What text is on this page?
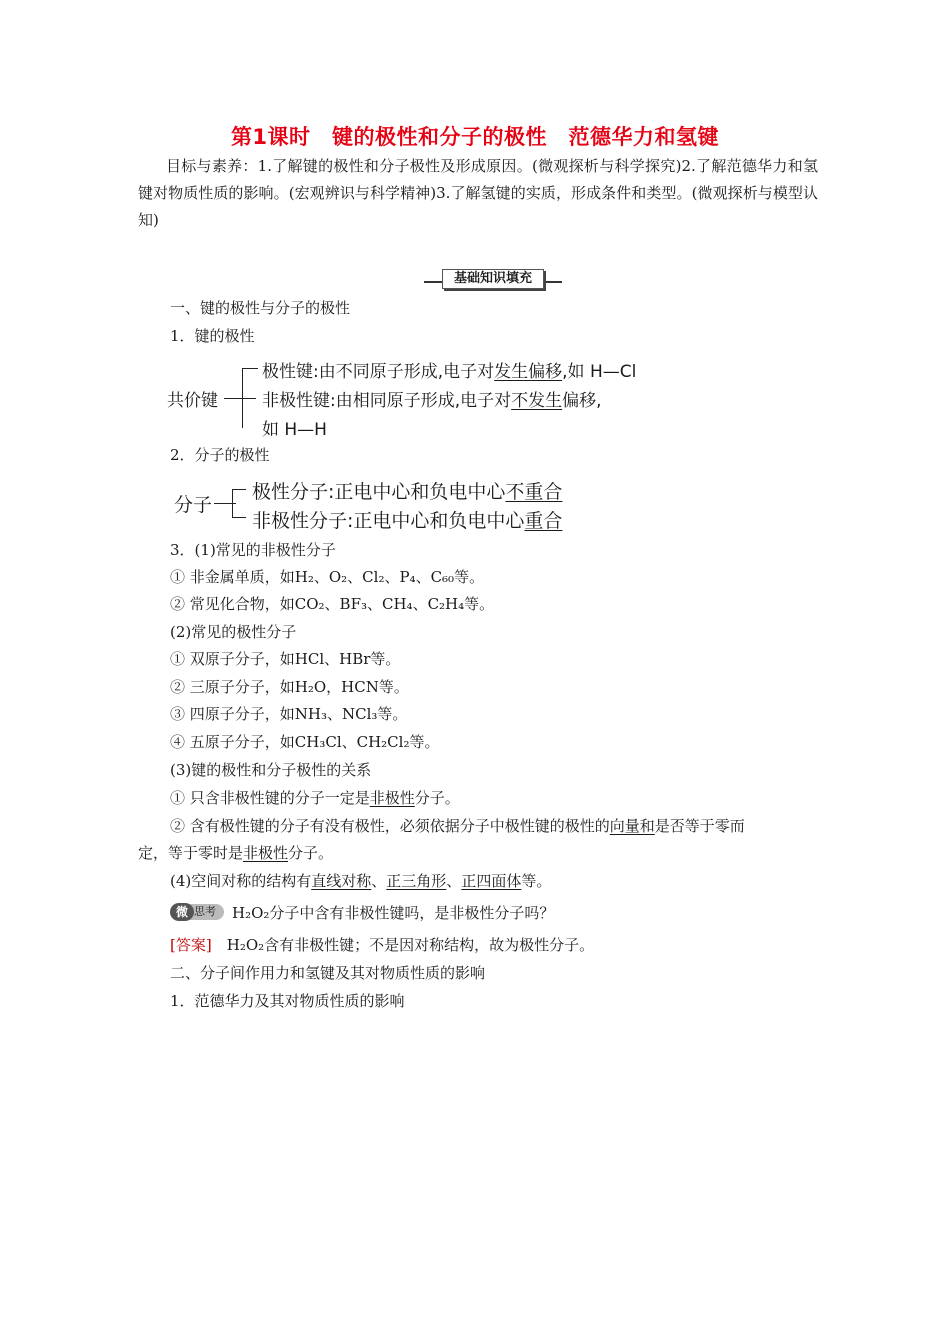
第1课时　键的极性和分子的极性　范德华力和氢键
目标与素养：1.了解键的极性和分子极性及形成原因。(微观探析与科学探究)2.了解范德华力和氢键对物质性质的影响。(宏观辨识与科学精神)3.了解氢键的实质，形成条件和类型。(微观探析与模型认知)
基础知识填充
一、键的极性与分子的极性
1．键的极性
共价键
极性键:由不同原子形成,电子对发生偏移,如 H—Cl
非极性键:由相同原子形成,电子对不发生偏移,
如 H—H
2．分子的极性
分子
极性分子:正电中心和负电中心不重合
非极性分子:正电中心和负电中心重合
3．(1)常见的非极性分子
① 非金属单质，如H₂、O₂、Cl₂、P₄、C₆₀等。
② 常见化合物，如CO₂、BF₃、CH₄、C₂H₄等。
(2)常见的极性分子
① 双原子分子，如HCl、HBr等。
② 三原子分子，如H₂O，HCN等。
③ 四原子分子，如NH₃、NCl₃等。
④ 五原子分子，如CH₃Cl、CH₂Cl₂等。
(3)键的极性和分子极性的关系
① 只含非极性键的分子一定是非极性分子。
② 含有极性键的分子有没有极性，必须依据分子中极性键的极性的向量和是否等于零而
定，等于零时是非极性分子。
(4)空间对称的结构有直线对称、正三角形、正四面体等。
思考
微	H₂O₂分子中含有非极性键吗，是非极性分子吗？
[答案]　 H₂O₂含有非极性键；不是因对称结构，故为极性分子。
二、分子间作用力和氢键及其对物质性质的影响
1．范德华力及其对物质性质的影响
